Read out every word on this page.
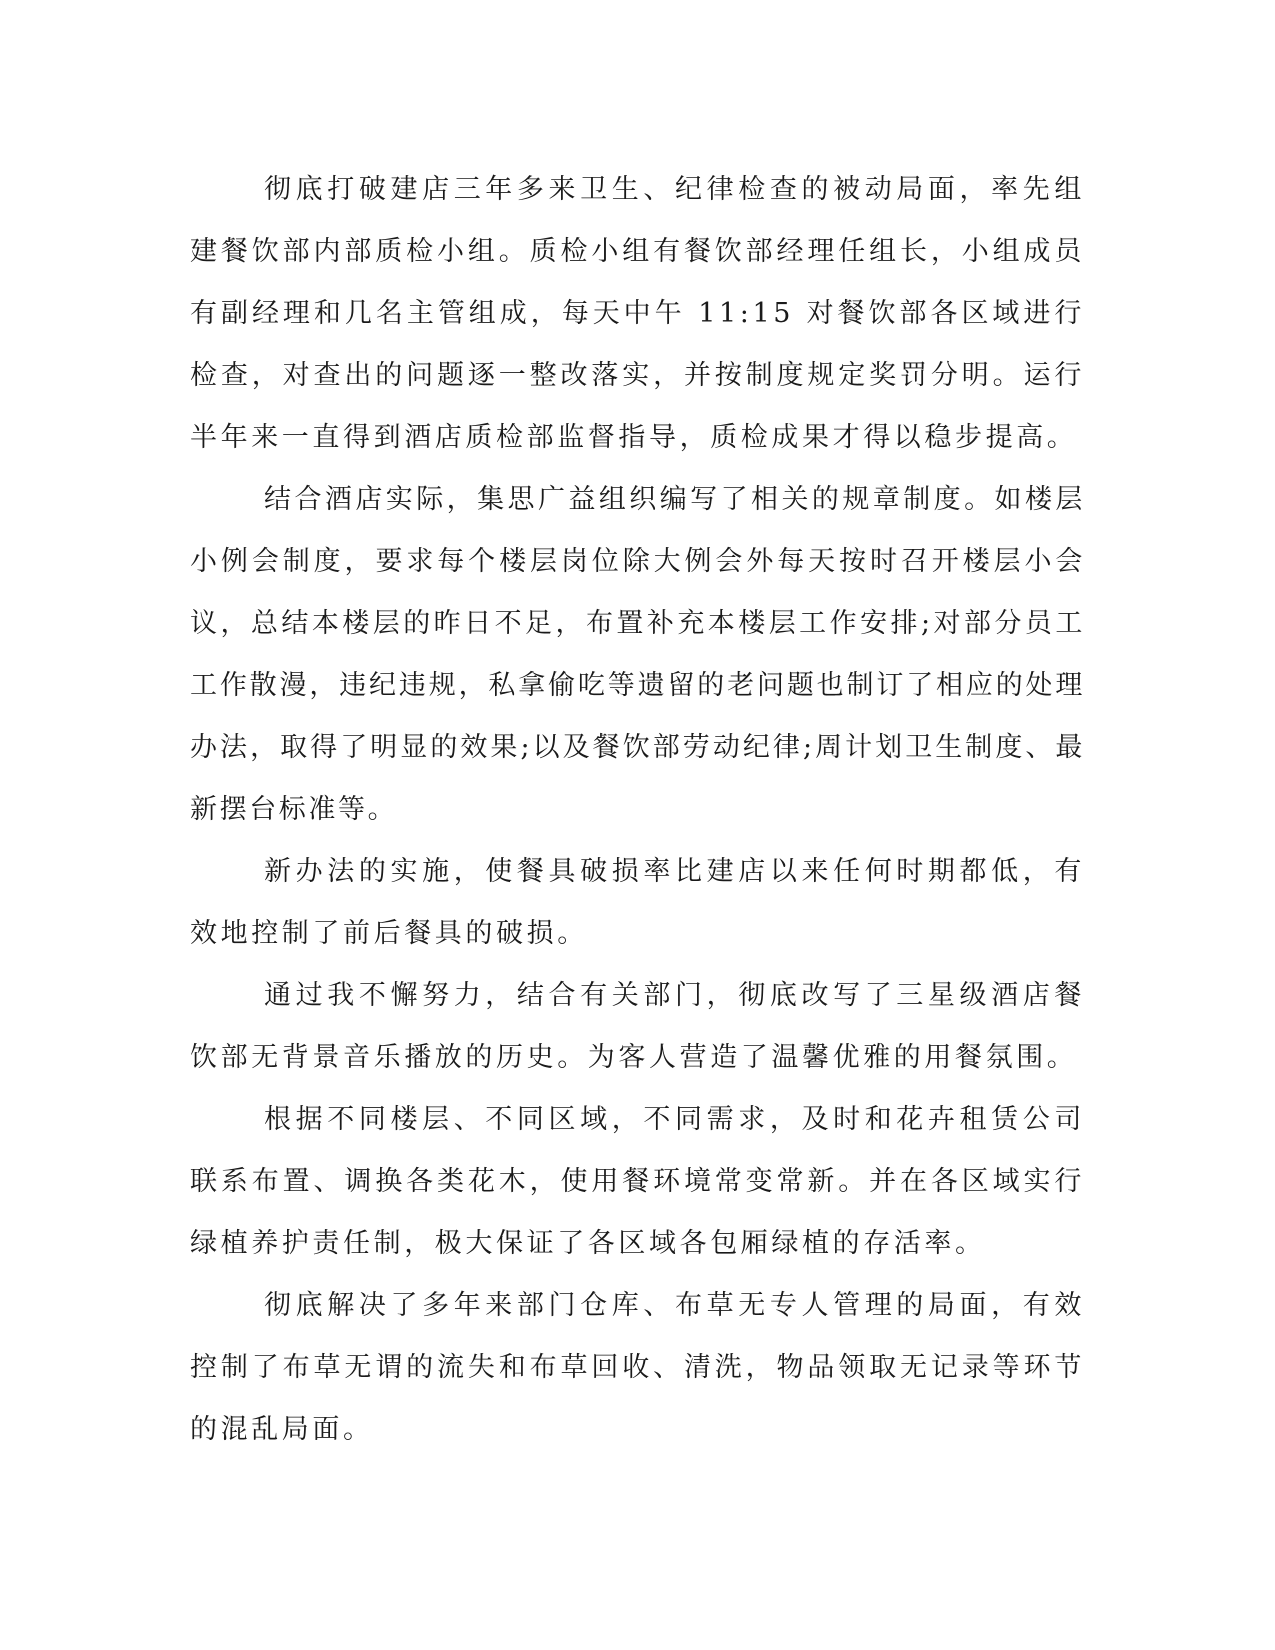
彻底打破建店三年多来卫生、纪律检查的被动局面，率先组建餐饮部内部质检小组。质检小组有餐饮部经理任组长，小组成员有副经理和几名主管组成，每天中午 11:15 对餐饮部各区域进行检查，对查出的问题逐一整改落实，并按制度规定奖罚分明。运行半年来一直得到酒店质检部监督指导，质检成果才得以稳步提高。

结合酒店实际，集思广益组织编写了相关的规章制度。如楼层小例会制度，要求每个楼层岗位除大例会外每天按时召开楼层小会议，总结本楼层的昨日不足，布置补充本楼层工作安排;对部分员工工作散漫，违纪违规，私拿偷吃等遗留的老问题也制订了相应的处理办法，取得了明显的效果;以及餐饮部劳动纪律;周计划卫生制度、最新摆台标准等。

新办法的实施，使餐具破损率比建店以来任何时期都低，有效地控制了前后餐具的破损。

通过我不懈努力，结合有关部门，彻底改写了三星级酒店餐饮部无背景音乐播放的历史。为客人营造了温馨优雅的用餐氛围。

根据不同楼层、不同区域，不同需求，及时和花卉租赁公司联系布置、调换各类花木，使用餐环境常变常新。并在各区域实行绿植养护责任制，极大保证了各区域各包厢绿植的存活率。

彻底解决了多年来部门仓库、布草无专人管理的局面，有效控制了布草无谓的流失和布草回收、清洗，物品领取无记录等环节的混乱局面。
